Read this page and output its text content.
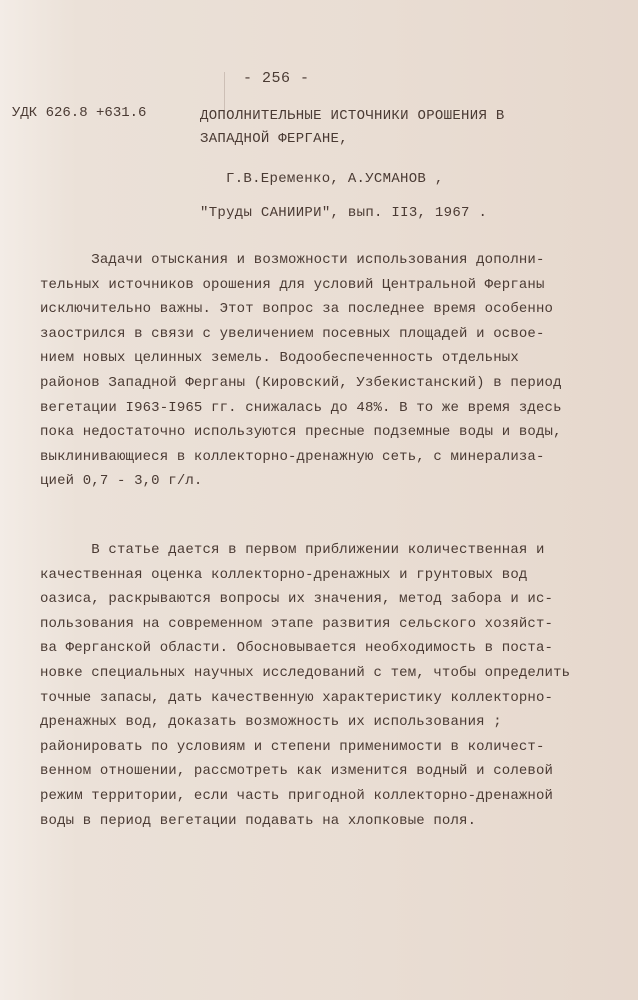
- 256 -
УДК 626.8 +631.6	ДОПОЛНИТЕЛЬНЫЕ ИСТОЧНИКИ ОРОШЕНИЯ В
ЗАПАДНОЙ ФЕРГАНЕ,
Г.В.Еременко, А.УСМАНОВ ,
"Труды САНИИРИ", вып. II3, 1967 .
Задачи отыскания и возможности использования дополни-
тельных источников орошения для условий Центральной Ферганы
исключительно важны. Этот вопрос за последнее время особенно
заострился в связи с увеличением посевных площадей и освое-
нием новых целинных земель. Водообеспеченность отдельных
районов Западной Ферганы (Кировский, Узбекистанский) в период
вегетации I963-I965 гг. снижалась до 48%. В то же время здесь
пока недостаточно используются пресные подземные воды и воды,
выклинивающиеся в коллекторно-дренажную сеть, с минерализа-
цией 0,7 - 3,0 г/л.
В статье дается в первом приближении количественная и
качественная оценка коллекторно-дренажных и грунтовых вод
оазиса, раскрываются вопросы их значения, метод забора и ис-
пользования на современном этапе развития сельского хозяйст-
ва Ферганской области. Обосновывается необходимость в поста-
новке специальных научных исследований с тем, чтобы определить
точные запасы, дать качественную характеристику коллекторно-
дренажных вод, доказать возможность их использования ;
районировать по условиям и степени применимости в количест-
венном отношении, рассмотреть как изменится водный и солевой
режим территории, если часть пригодной коллекторно-дренажной
воды в период вегетации подавать на хлопковые поля.
